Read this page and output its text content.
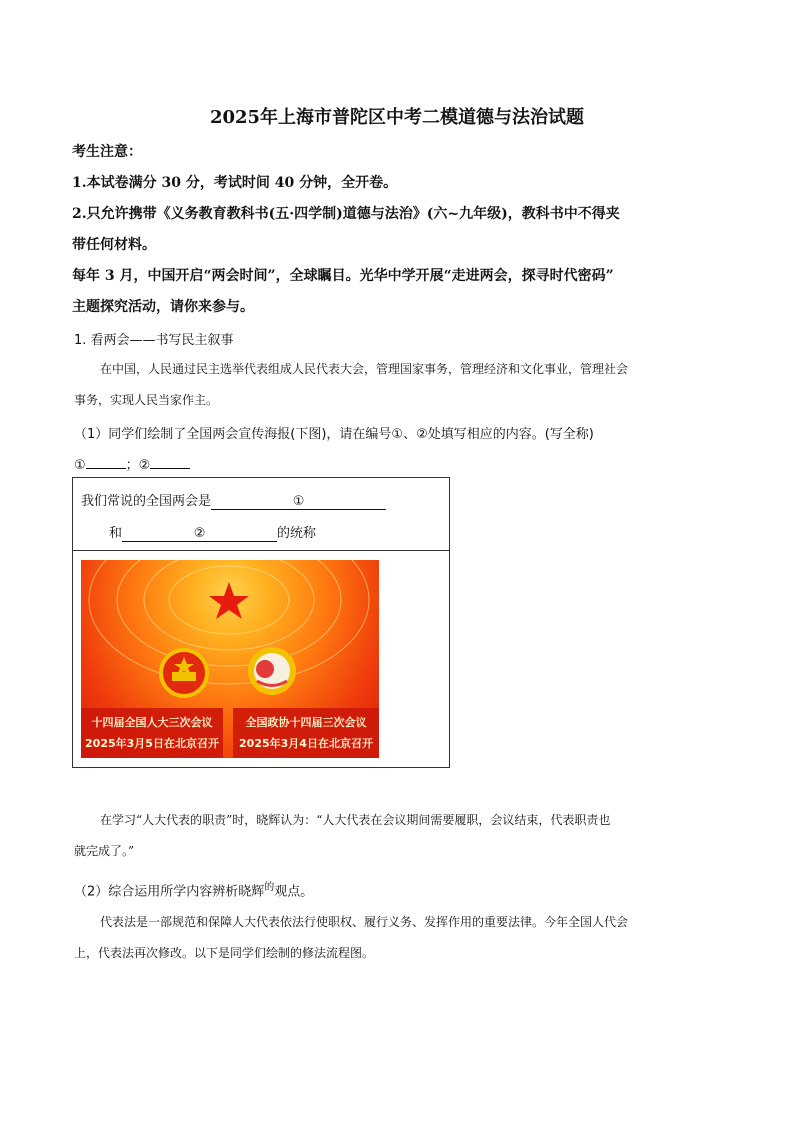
2025年上海市普陀区中考二模道德与法治试题
考生注意：
1.本试卷满分 30 分，考试时间 40 分钟，全开卷。
2.只允许携带《义务教育教科书(五·四学制)道德与法治》(六~九年级)，教科书中不得夹
带任何材料。
每年 3 月，中国开启“两会时间”，全球瞩目。光华中学开展“走进两会，探寻时代密码”
主题探究活动，请你来参与。
1. 看两会——书写民主叙事
在中国，人民通过民主选举代表组成人民代表大会，管理国家事务，管理经济和文化事业，管理社会
事务，实现人民当家作主。
（1）同学们绘制了全国两会宣传海报(下图)，请在编号①、②处填写相应的内容。(写全称)
①	；②
我们常说的全国两会是	①
和	②	的统称
十四届全国人大三次会议
2025年3月5日在北京召开
全国政协十四届三次会议
2025年3月4日在北京召开
在学习“人大代表的职责”时，晓辉认为：“人大代表在会议期间需要履职，会议结束，代表职责也
就完成了。”
（2）综合运用所学内容辨析晓辉$^的$观点。
代表法是一部规范和保障人大代表依法行使职权、履行义务、发挥作用的重要法律。今年全国人代会
上，代表法再次修改。以下是同学们绘制的修法流程图。
